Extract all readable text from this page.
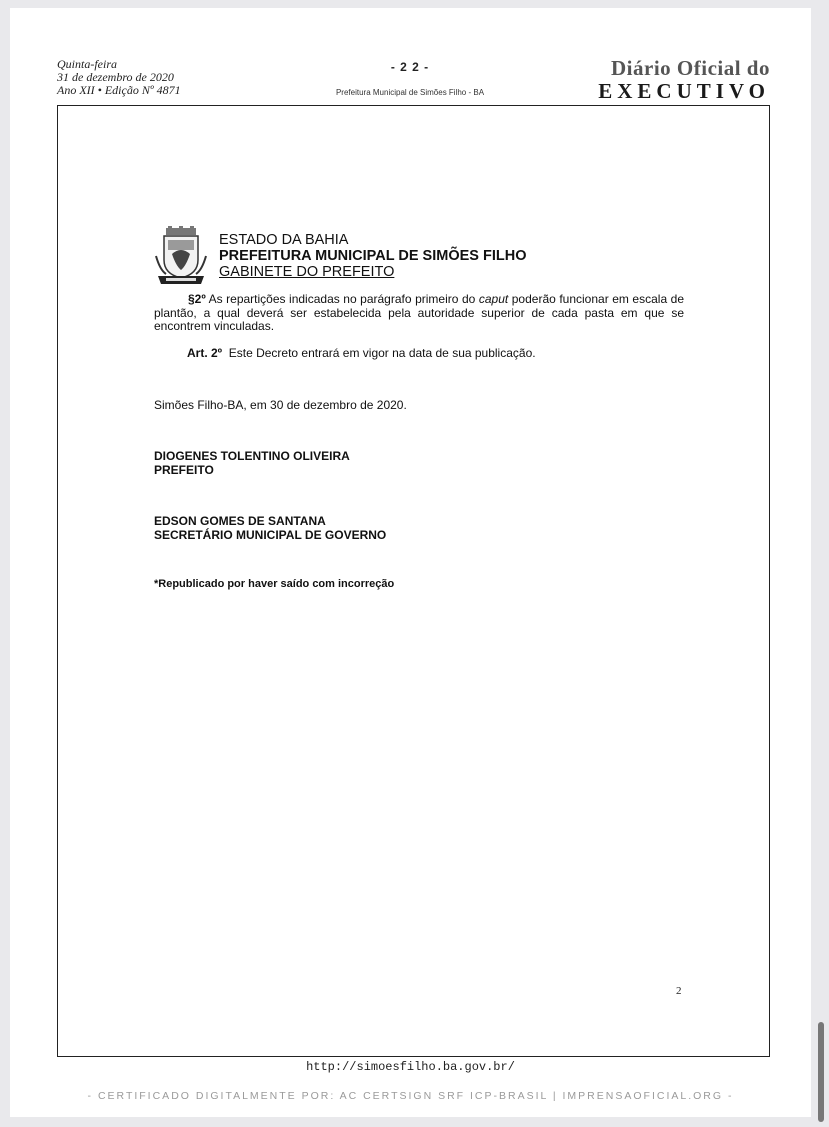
Quinta-feira
31 de dezembro de 2020
Ano XII • Edição Nº 4871
- 2 2 -
Prefeitura Municipal de Simões Filho - BA
Diário Oficial do
EXECUTIVO
ESTADO DA BAHIA
PREFEITURA MUNICIPAL DE SIMÕES FILHO
GABINETE DO PREFEITO
§2º As repartições indicadas no parágrafo primeiro do caput poderão funcionar em escala de plantão, a qual deverá ser estabelecida pela autoridade superior de cada pasta em que se encontrem vinculadas.
Art. 2º Este Decreto entrará em vigor na data de sua publicação.
Simões Filho-BA, em 30 de dezembro de 2020.
DIOGENES TOLENTINO OLIVEIRA
PREFEITO
EDSON GOMES DE SANTANA
SECRETÁRIO MUNICIPAL DE GOVERNO
*Republicado por haver saído com incorreção
2
http://simoesfilho.ba.gov.br/
- CERTIFICADO DIGITALMENTE POR: AC CERTSIGN SRF ICP-BRASIL | IMPRENSAOFICIAL.ORG -
